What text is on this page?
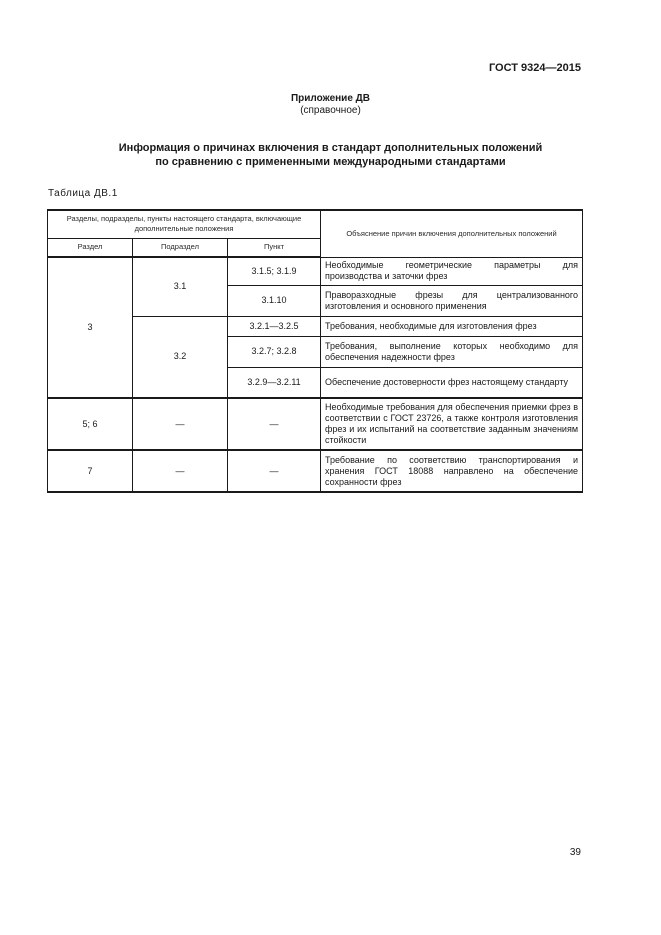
ГОСТ 9324—2015
Приложение ДВ
(справочное)
Информация о причинах включения в стандарт дополнительных положений
по сравнению с примененными международными стандартами
Таблица ДВ.1
Разделы, подразделы, пункты настоящего стандарта, включающие дополнительные положения			Объяснение причин включения дополнительных положений
Раздел	Подраздел	Пункт	
3	3.1	3.1.5; 3.1.9	Необходимые геометрические параметры для производства и заточки фрез
		3.1.10	Праворазходные фрезы для централизованного изготовления и основного применения
	3.2	3.2.1—3.2.5	Требования, необходимые для изготовления фрез
		3.2.7; 3.2.8	Требования, выполнение которых необходимо для обеспечения надежности фрез
		3.2.9—3.2.11	Обеспечение достоверности фрез настоящему стандарту
5; 6	—	—	Необходимые требования для обеспечения приемки фрез в соответствии с ГОСТ 23726, а также контроля изготовления фрез и их испытаний на соответствие заданным значениям стойкости
7	—	—	Требование по соответствию транспортирования и хранения ГОСТ 18088 направлено на обеспечение сохранности фрез
39
